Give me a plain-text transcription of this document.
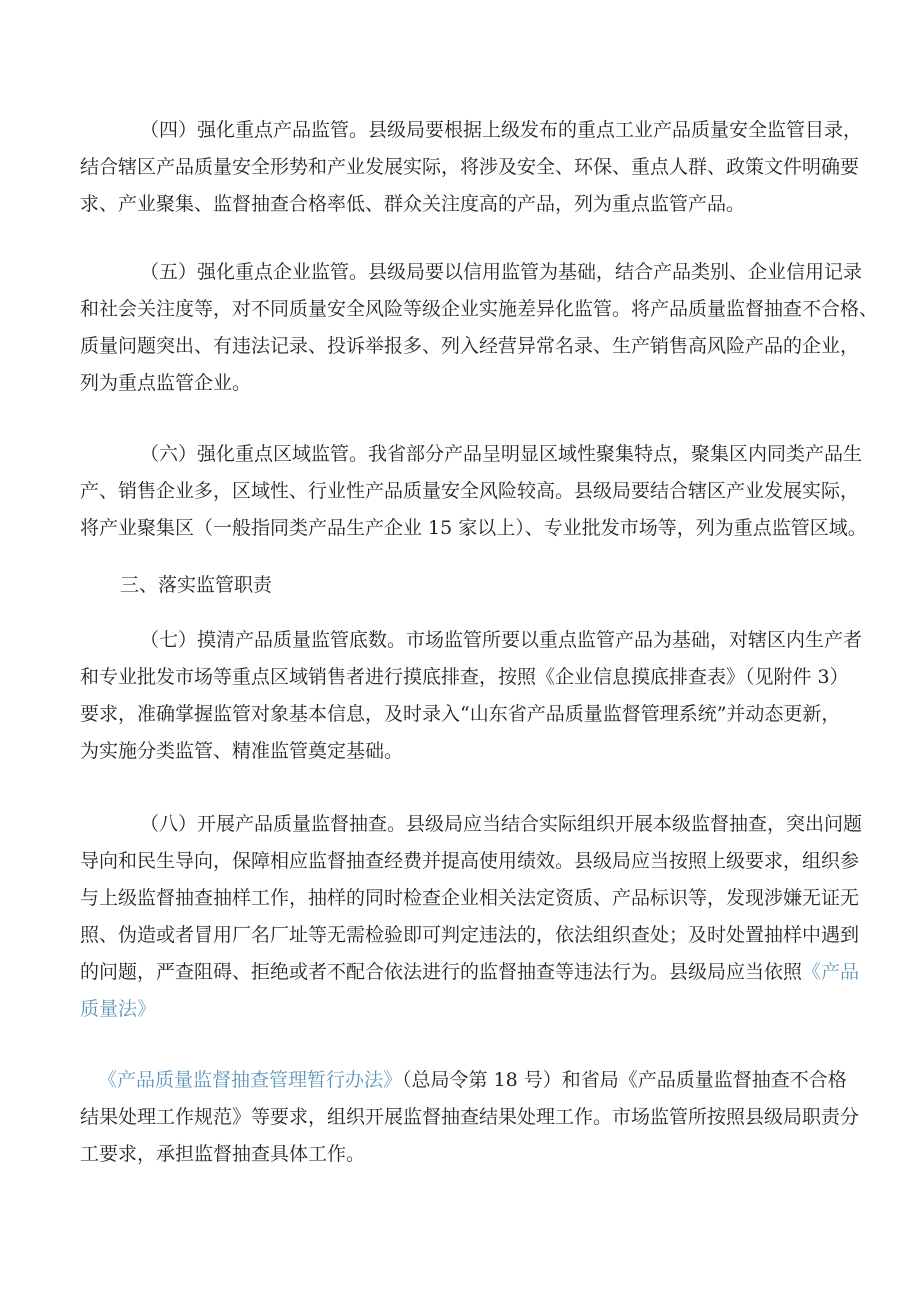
（四）强化重点产品监管。县级局要根据上级发布的重点工业产品质量安全监管目录，
结合辖区产品质量安全形势和产业发展实际，将涉及安全、环保、重点人群、政策文件明确要
求、产业聚集、监督抽查合格率低、群众关注度高的产品，列为重点监管产品。
（五）强化重点企业监管。县级局要以信用监管为基础，结合产品类别、企业信用记录
和社会关注度等，对不同质量安全风险等级企业实施差异化监管。将产品质量监督抽查不合格、
质量问题突出、有违法记录、投诉举报多、列入经营异常名录、生产销售高风险产品的企业，
列为重点监管企业。
（六）强化重点区域监管。我省部分产品呈明显区域性聚集特点，聚集区内同类产品生
产、销售企业多，区域性、行业性产品质量安全风险较高。县级局要结合辖区产业发展实际，
将产业聚集区（一般指同类产品生产企业 15 家以上）、专业批发市场等，列为重点监管区域。
三、落实监管职责
（七）摸清产品质量监管底数。市场监管所要以重点监管产品为基础，对辖区内生产者
和专业批发市场等重点区域销售者进行摸底排查，按照《企业信息摸底排查表》（见附件 3）
要求，准确掌握监管对象基本信息，及时录入“山东省产品质量监督管理系统”并动态更新，
为实施分类监管、精准监管奠定基础。
（八）开展产品质量监督抽查。县级局应当结合实际组织开展本级监督抽查，突出问题
导向和民生导向，保障相应监督抽查经费并提高使用绩效。县级局应当按照上级要求，组织参
与上级监督抽查抽样工作，抽样的同时检查企业相关法定资质、产品标识等，发现涉嫌无证无
照、伪造或者冒用厂名厂址等无需检验即可判定违法的，依法组织查处；及时处置抽样中遇到
的问题，严查阻碍、拒绝或者不配合依法进行的监督抽查等违法行为。县级局应当依照《产品
质量法》
《产品质量监督抽查管理暂行办法》（总局令第 18 号）和省局《产品质量监督抽查不合格
结果处理工作规范》等要求，组织开展监督抽查结果处理工作。市场监管所按照县级局职责分
工要求，承担监督抽查具体工作。
